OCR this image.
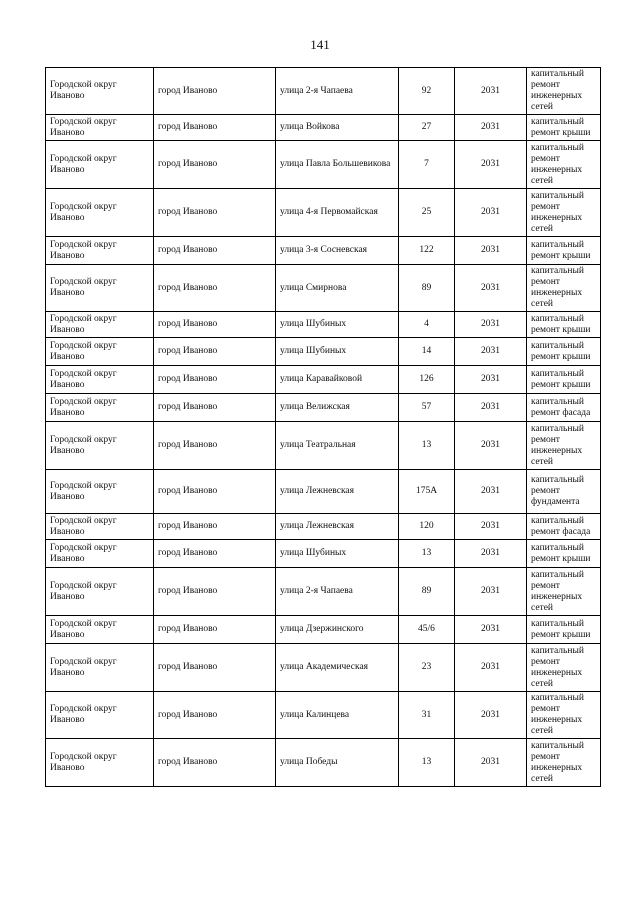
141
Городской округ Иваново	город Иваново	улица 2-я Чапаева	92	2031	капитальный ремонт инженерных сетей
Городской округ Иваново	город Иваново	улица Войкова	27	2031	капитальный ремонт крыши
Городской округ Иваново	город Иваново	улица Павла Большевикова	7	2031	капитальный ремонт инженерных сетей
Городской округ Иваново	город Иваново	улица 4-я Первомайская	25	2031	капитальный ремонт инженерных сетей
Городской округ Иваново	город Иваново	улица 3-я Сосневская	122	2031	капитальный ремонт крыши
Городской округ Иваново	город Иваново	улица Смирнова	89	2031	капитальный ремонт инженерных сетей
Городской округ Иваново	город Иваново	улица Шубиных	4	2031	капитальный ремонт крыши
Городской округ Иваново	город Иваново	улица Шубиных	14	2031	капитальный ремонт крыши
Городской округ Иваново	город Иваново	улица Каравайковой	126	2031	капитальный ремонт крыши
Городской округ Иваново	город Иваново	улица Велижская	57	2031	капитальный ремонт фасада
Городской округ Иваново	город Иваново	улица Театральная	13	2031	капитальный ремонт инженерных сетей
Городской округ Иваново	город Иваново	улица Лежневская	175А	2031	капитальный ремонт фундамента
Городской округ Иваново	город Иваново	улица Лежневская	120	2031	капитальный ремонт фасада
Городской округ Иваново	город Иваново	улица Шубиных	13	2031	капитальный ремонт крыши
Городской округ Иваново	город Иваново	улица 2-я Чапаева	89	2031	капитальный ремонт инженерных сетей
Городской округ Иваново	город Иваново	улица Дзержинского	45/6	2031	капитальный ремонт крыши
Городской округ Иваново	город Иваново	улица Академическая	23	2031	капитальный ремонт инженерных сетей
Городской округ Иваново	город Иваново	улица Калинцева	31	2031	капитальный ремонт инженерных сетей
Городской округ Иваново	город Иваново	улица Победы	13	2031	капитальный ремонт инженерных сетей
